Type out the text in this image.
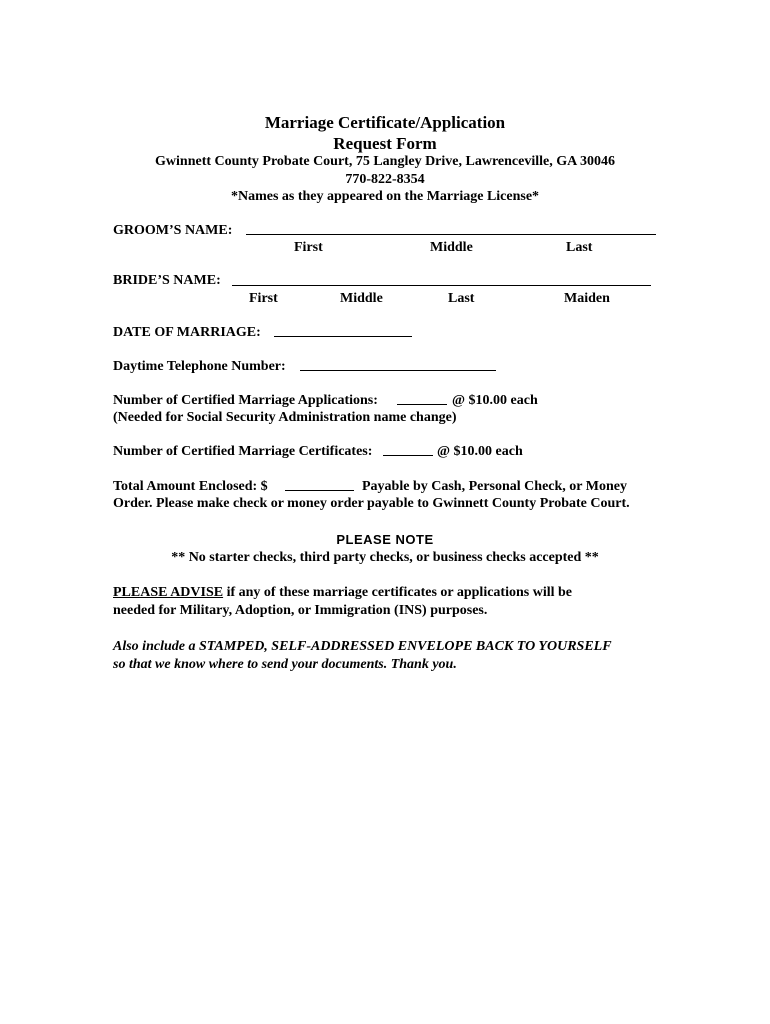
Marriage Certificate/Application
Request Form
Gwinnett County Probate Court, 75 Langley Drive, Lawrenceville, GA 30046
770-822-8354
*Names as they appeared on the Marriage License*
GROOM’S NAME:
First	Middle	Last
BRIDE’S NAME:
First	Middle	Last	Maiden
DATE OF MARRIAGE:
Daytime Telephone Number:
Number of Certified Marriage Applications:	@ $10.00 each
(Needed for Social Security Administration name change)
Number of Certified Marriage Certificates:	@ $10.00 each
Total Amount Enclosed: $	Payable by Cash, Personal Check, or Money
Order. Please make check or money order payable to Gwinnett County Probate Court.
PLEASE NOTE
** No starter checks, third party checks, or business checks accepted **
PLEASE ADVISE if any of these marriage certificates or applications will be
needed for Military, Adoption, or Immigration (INS) purposes.
Also include a STAMPED, SELF-ADDRESSED ENVELOPE BACK TO YOURSELF
so that we know where to send your documents. Thank you.
